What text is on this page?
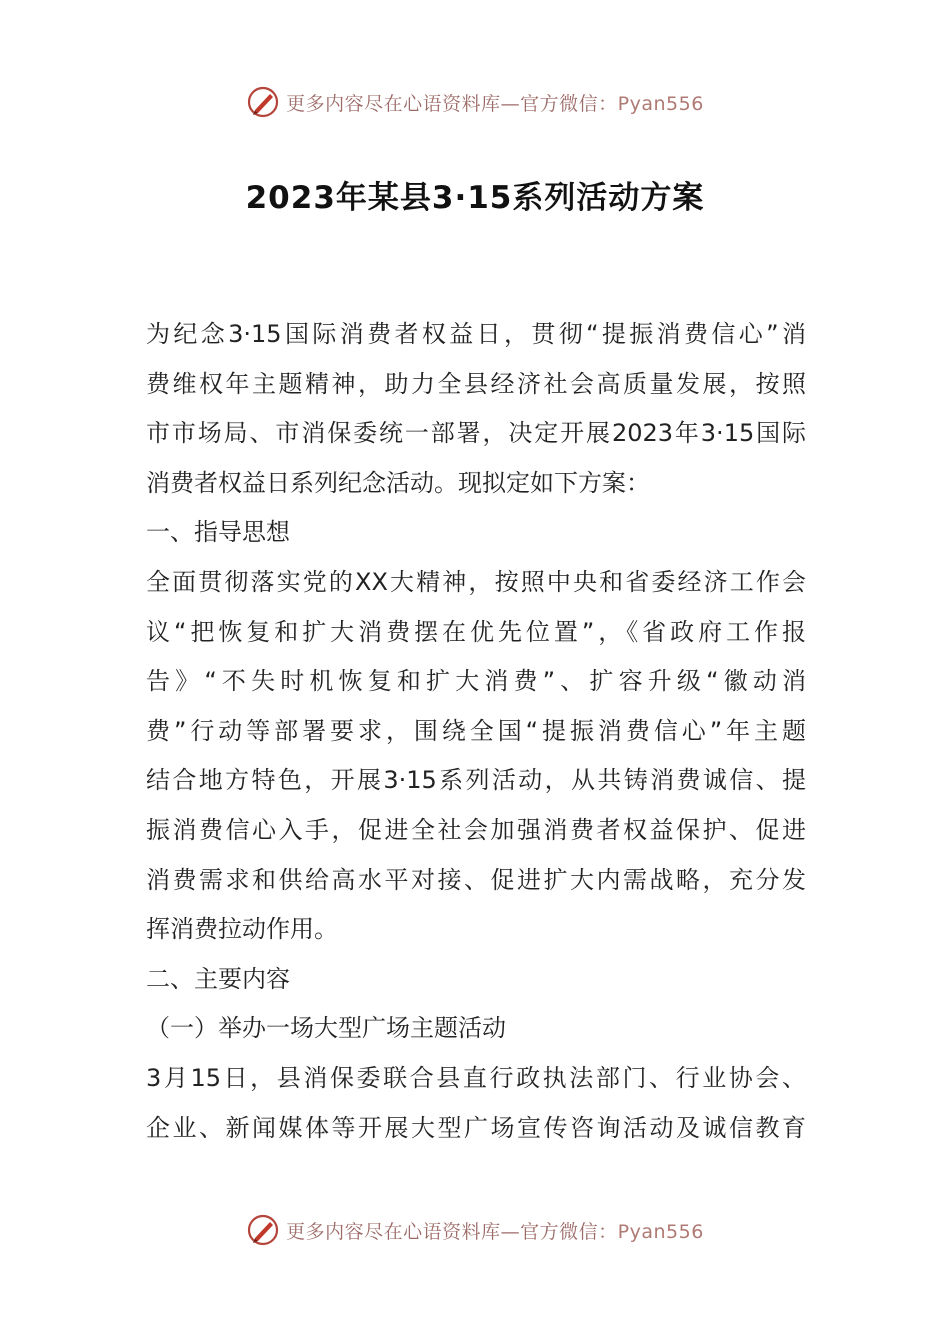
更多内容尽在心语资料库—官方微信：Pyan556
2023年某县3·15系列活动方案
为纪念3·15国际消费者权益日，贯彻“提振消费信心”消
费维权年主题精神，助力全县经济社会高质量发展，按照
市市场局、市消保委统一部署，决定开展2023年3·15国际
消费者权益日系列纪念活动。现拟定如下方案：
一、指导思想
全面贯彻落实党的XX大精神，按照中央和省委经济工作会
议“把恢复和扩大消费摆在优先位置”，《省政府工作报
告》“不失时机恢复和扩大消费”、扩容升级“徽动消
费”行动等部署要求，围绕全国“提振消费信心”年主题
结合地方特色，开展3·15系列活动，从共铸消费诚信、提
振消费信心入手，促进全社会加强消费者权益保护、促进
消费需求和供给高水平对接、促进扩大内需战略，充分发
挥消费拉动作用。
二、主要内容
（一）举办一场大型广场主题活动
3月15日，县消保委联合县直行政执法部门、行业协会、
企业、新闻媒体等开展大型广场宣传咨询活动及诚信教育
更多内容尽在心语资料库—官方微信：Pyan556
